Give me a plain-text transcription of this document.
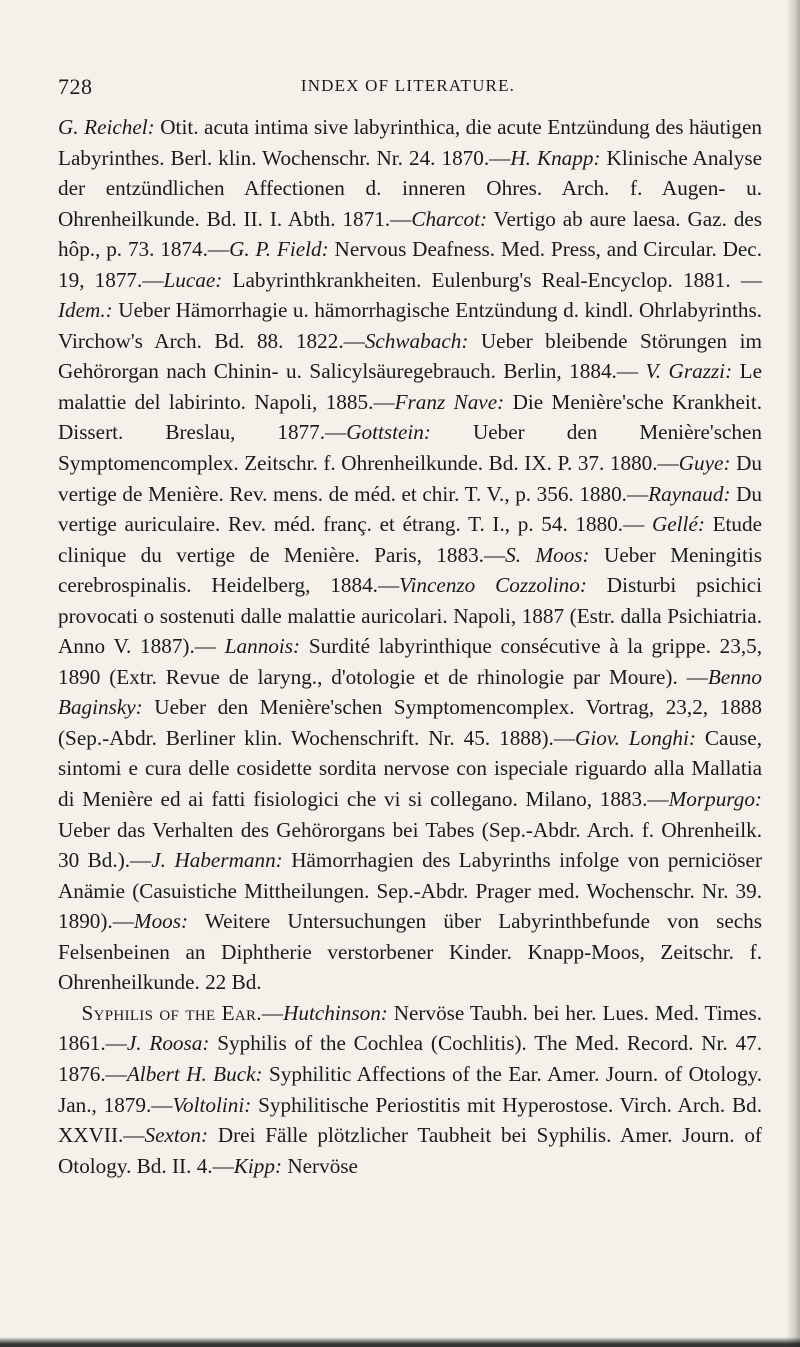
728	INDEX OF LITERATURE.

G. Reichel: Otit. acuta intima sive labyrinthica, die acute Entzündung des häutigen Labyrinthes. Berl. klin. Wochenschr. Nr. 24. 1870.—H. Knapp: Klinische Analyse der entzündlichen Affectionen d. inneren Ohres. Arch. f. Augen- u. Ohrenheilkunde. Bd. II. I. Abth. 1871.—Charcot: Vertigo ab aure laesa. Gaz. des hôp., p. 73. 1874.—G. P. Field: Nervous Deafness. Med. Press, and Circular. Dec. 19, 1877.—Lucae: Labyrinthkrankheiten. Eulenburg's Real-Encyclop. 1881. — Idem.: Ueber Hämorrhagie u. hämorrhagische Entzündung d. kindl. Ohrlabyrinths. Virchow's Arch. Bd. 88. 1822.—Schwabach: Ueber bleibende Störungen im Gehörorgan nach Chinin- u. Salicylsäuregebrauch. Berlin, 1884.— V. Grazzi: Le malattie del labirinto. Napoli, 1885.—Franz Nave: Die Menière'sche Krankheit. Dissert. Breslau, 1877.—Gottstein: Ueber den Menière'schen Symptomencomplex. Zeitschr. f. Ohrenheilkunde. Bd. IX. P. 37. 1880.—Guye: Du vertige de Menière. Rev. mens. de méd. et chir. T. V., p. 356. 1880.—Raynaud: Du vertige auriculaire. Rev. méd. franç. et étrang. T. I., p. 54. 1880.— Gellé: Etude clinique du vertige de Menière. Paris, 1883.—S. Moos: Ueber Meningitis cerebrospinalis. Heidelberg, 1884.—Vincenzo Cozzolino: Disturbi psichici provocati o sostenuti dalle malattie auricolari. Napoli, 1887 (Estr. dalla Psichiatria. Anno V. 1887).— Lannois: Surdité labyrinthique consécutive à la grippe. 23,5, 1890 (Extr. Revue de laryng., d'otologie et de rhinologie par Moure). —Benno Baginsky: Ueber den Menière'schen Symptomencomplex. Vortrag, 23,2, 1888 (Sep.-Abdr. Berliner klin. Wochenschrift. Nr. 45. 1888).—Giov. Longhi: Cause, sintomi e cura delle cosidette sordita nervose con ispeciale riguardo alla Mallatia di Menière ed ai fatti fisiologici che vi si collegano. Milano, 1883.—Morpurgo: Ueber das Verhalten des Gehörorgans bei Tabes (Sep.-Abdr. Arch. f. Ohrenheilk. 30 Bd.).—J. Habermann: Hämorrhagien des Labyrinths infolge von perniciöser Anämie (Casuistiche Mittheilungen. Sep.-Abdr. Prager med. Wochenschr. Nr. 39. 1890).—Moos: Weitere Untersuchungen über Labyrinthbefunde von sechs Felsenbeinen an Diphtherie verstorbener Kinder. Knapp-Moos, Zeitschr. f. Ohrenheilkunde. 22 Bd.
Syphilis of the Ear.—Hutchinson: Nervöse Taubh. bei her. Lues. Med. Times. 1861.—J. Roosa: Syphilis of the Cochlea (Cochlitis). The Med. Record. Nr. 47. 1876.—Albert H. Buck: Syphilitic Affections of the Ear. Amer. Journ. of Otology. Jan., 1879.—Voltolini: Syphilitische Periostitis mit Hyperostose. Virch. Arch. Bd. XXVII.—Sexton: Drei Fälle plötzlicher Taubheit bei Syphilis. Amer. Journ. of Otology. Bd. II. 4.—Kipp: Nervöse
